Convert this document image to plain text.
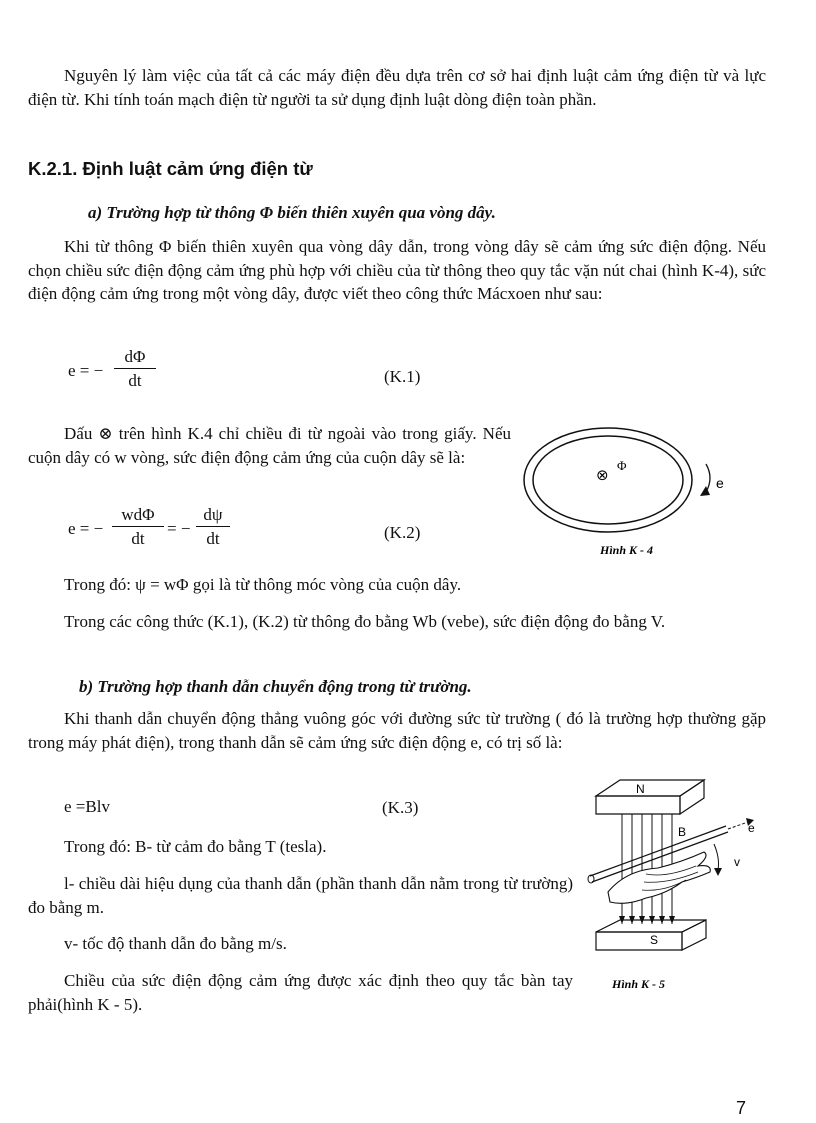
Nguyên lý làm việc của tất cả các máy điện đều dựa trên cơ sở hai định luật cảm ứng điện từ và lực điện từ. Khi tính toán mạch điện từ người ta sử dụng định luật dòng điện toàn phần.

K.2.1. Định luật cảm ứng điện từ

a) Trường hợp từ thông Φ biến thiên xuyên qua vòng dây.

Khi từ thông Φ biến thiên xuyên qua vòng dây dẫn, trong vòng dây sẽ cảm ứng sức điện động. Nếu chọn chiều sức điện động cảm ứng phù hợp với chiều của từ thông theo quy tắc vặn nút chai (hình K-4), sức điện động cảm ứng trong một vòng dây, được viết theo công thức Mácxoen như sau:

e = − $\frac{d\Phi}{dt}$	(K.1)

Dấu ⊗ trên hình K.4 chỉ chiều đi từ ngoài vào trong giấy. Nếu cuộn dây có w vòng, sức điện động cảm ứng của cuộn dây sẽ là:

e = −
wdΦ
dt
= − $\frac{d\psi}{dt}$	(K.2)
⊗
Φ
e
Hình K - 4

Trong đó: ψ = wΦ gọi là từ thông móc vòng của cuộn dây.

Trong các công thức (K.1), (K.2) từ thông đo bằng Wb (vebe), sức điện động đo bằng V.

b) Trường hợp thanh dẫn chuyển động trong từ trường.

Khi thanh dẫn chuyển động thẳng vuông góc với đường sức từ trường ( đó là trường hợp thường gặp trong máy phát điện), trong thanh dẫn sẽ cảm ứng sức điện động e, có trị số là:

e =Blv	(K.3)

Trong đó: B- từ cảm đo bằng T (tesla).

l- chiều dài hiệu dụng của thanh dẫn (phần thanh dẫn nằm trong từ trường) đo bằng m.

v- tốc độ thanh dẫn đo bằng m/s.

Chiều của sức điện động cảm ứng được xác định theo quy tắc bàn tay phải(hình K - 5).

N
B	e
v
S
Hình K - 5
7
